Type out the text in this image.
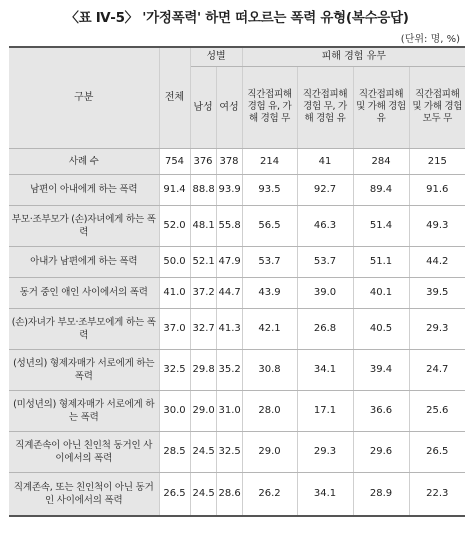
〈표 Ⅳ-5〉 '가정폭력' 하면 떠오르는 폭력 유형(복수응답)
(단위: 명, %)
구분	전체	성별		피해 경험 유무			
		남성	여성	직간접피해 경험 유, 가해 경험 무	직간접피해 경험 무, 가해 경험 유	직간접피해 및 가해 경험 유	직간접피해 및 가해 경험 모두 무
사례 수	754	376	378	214	41	284	215
남편이 아내에게 하는 폭력	91.4	88.8	93.9	93.5	92.7	89.4	91.6
부모·조부모가 (손)자녀에게 하는 폭력	52.0	48.1	55.8	56.5	46.3	51.4	49.3
아내가 남편에게 하는 폭력	50.0	52.1	47.9	53.7	53.7	51.1	44.2
동거 중인 애인 사이에서의 폭력	41.0	37.2	44.7	43.9	39.0	40.1	39.5
(손)자녀가 부모·조부모에게 하는 폭력	37.0	32.7	41.3	42.1	26.8	40.5	29.3
(성년의) 형제자매가 서로에게 하는 폭력	32.5	29.8	35.2	30.8	34.1	39.4	24.7
(미성년의) 형제자매가 서로에게 하는 폭력	30.0	29.0	31.0	28.0	17.1	36.6	25.6
직계존속이 아닌 친인척 동거인 사이에서의 폭력	28.5	24.5	32.5	29.0	29.3	29.6	26.5
직계존속, 또는 친인척이 아닌 동거인 사이에서의 폭력	26.5	24.5	28.6	26.2	34.1	28.9	22.3
